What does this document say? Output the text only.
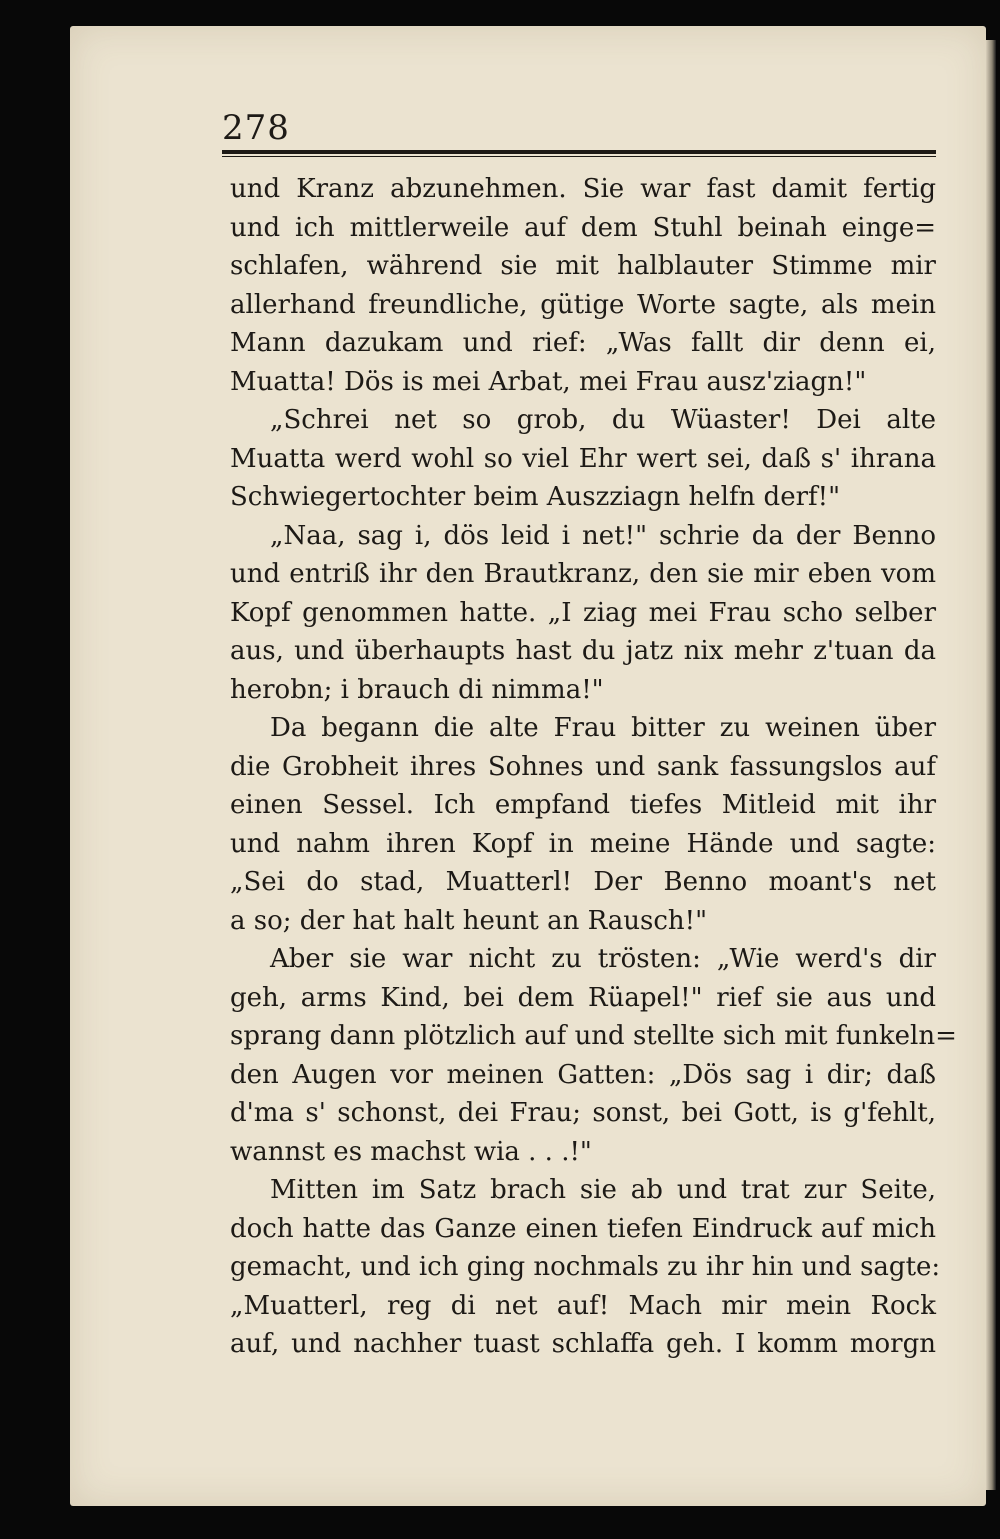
278
und Kranz abzunehmen. Sie war fast damit fertig
und ich mittlerweile auf dem Stuhl beinah einge=
schlafen, während sie mit halblauter Stimme mir
allerhand freundliche, gütige Worte sagte, als mein
Mann dazukam und rief: „Was fallt dir denn ei,
Muatta! Dös is mei Arbat, mei Frau ausz'ziagn!"
„Schrei net so grob, du Wüaster! Dei alte
Muatta werd wohl so viel Ehr wert sei, daß s' ihrana
Schwiegertochter beim Auszziagn helfn derf!"
„Naa, sag i, dös leid i net!" schrie da der Benno
und entriß ihr den Brautkranz, den sie mir eben vom
Kopf genommen hatte. „I ziag mei Frau scho selber
aus, und überhaupts hast du jatz nix mehr z'tuan da
herobn; i brauch di nimma!"
Da begann die alte Frau bitter zu weinen über
die Grobheit ihres Sohnes und sank fassungslos auf
einen Sessel. Ich empfand tiefes Mitleid mit ihr
und nahm ihren Kopf in meine Hände und sagte:
„Sei do stad, Muatterl! Der Benno moant's net
a so; der hat halt heunt an Rausch!"
Aber sie war nicht zu trösten: „Wie werd's dir
geh, arms Kind, bei dem Rüapel!" rief sie aus und
sprang dann plötzlich auf und stellte sich mit funkeln=
den Augen vor meinen Gatten: „Dös sag i dir; daß
d'ma s' schonst, dei Frau; sonst, bei Gott, is g'fehlt,
wannst es machst wia . . .!"
Mitten im Satz brach sie ab und trat zur Seite,
doch hatte das Ganze einen tiefen Eindruck auf mich
gemacht, und ich ging nochmals zu ihr hin und sagte:
„Muatterl, reg di net auf! Mach mir mein Rock
auf, und nachher tuast schlaffa geh. I komm morgn
